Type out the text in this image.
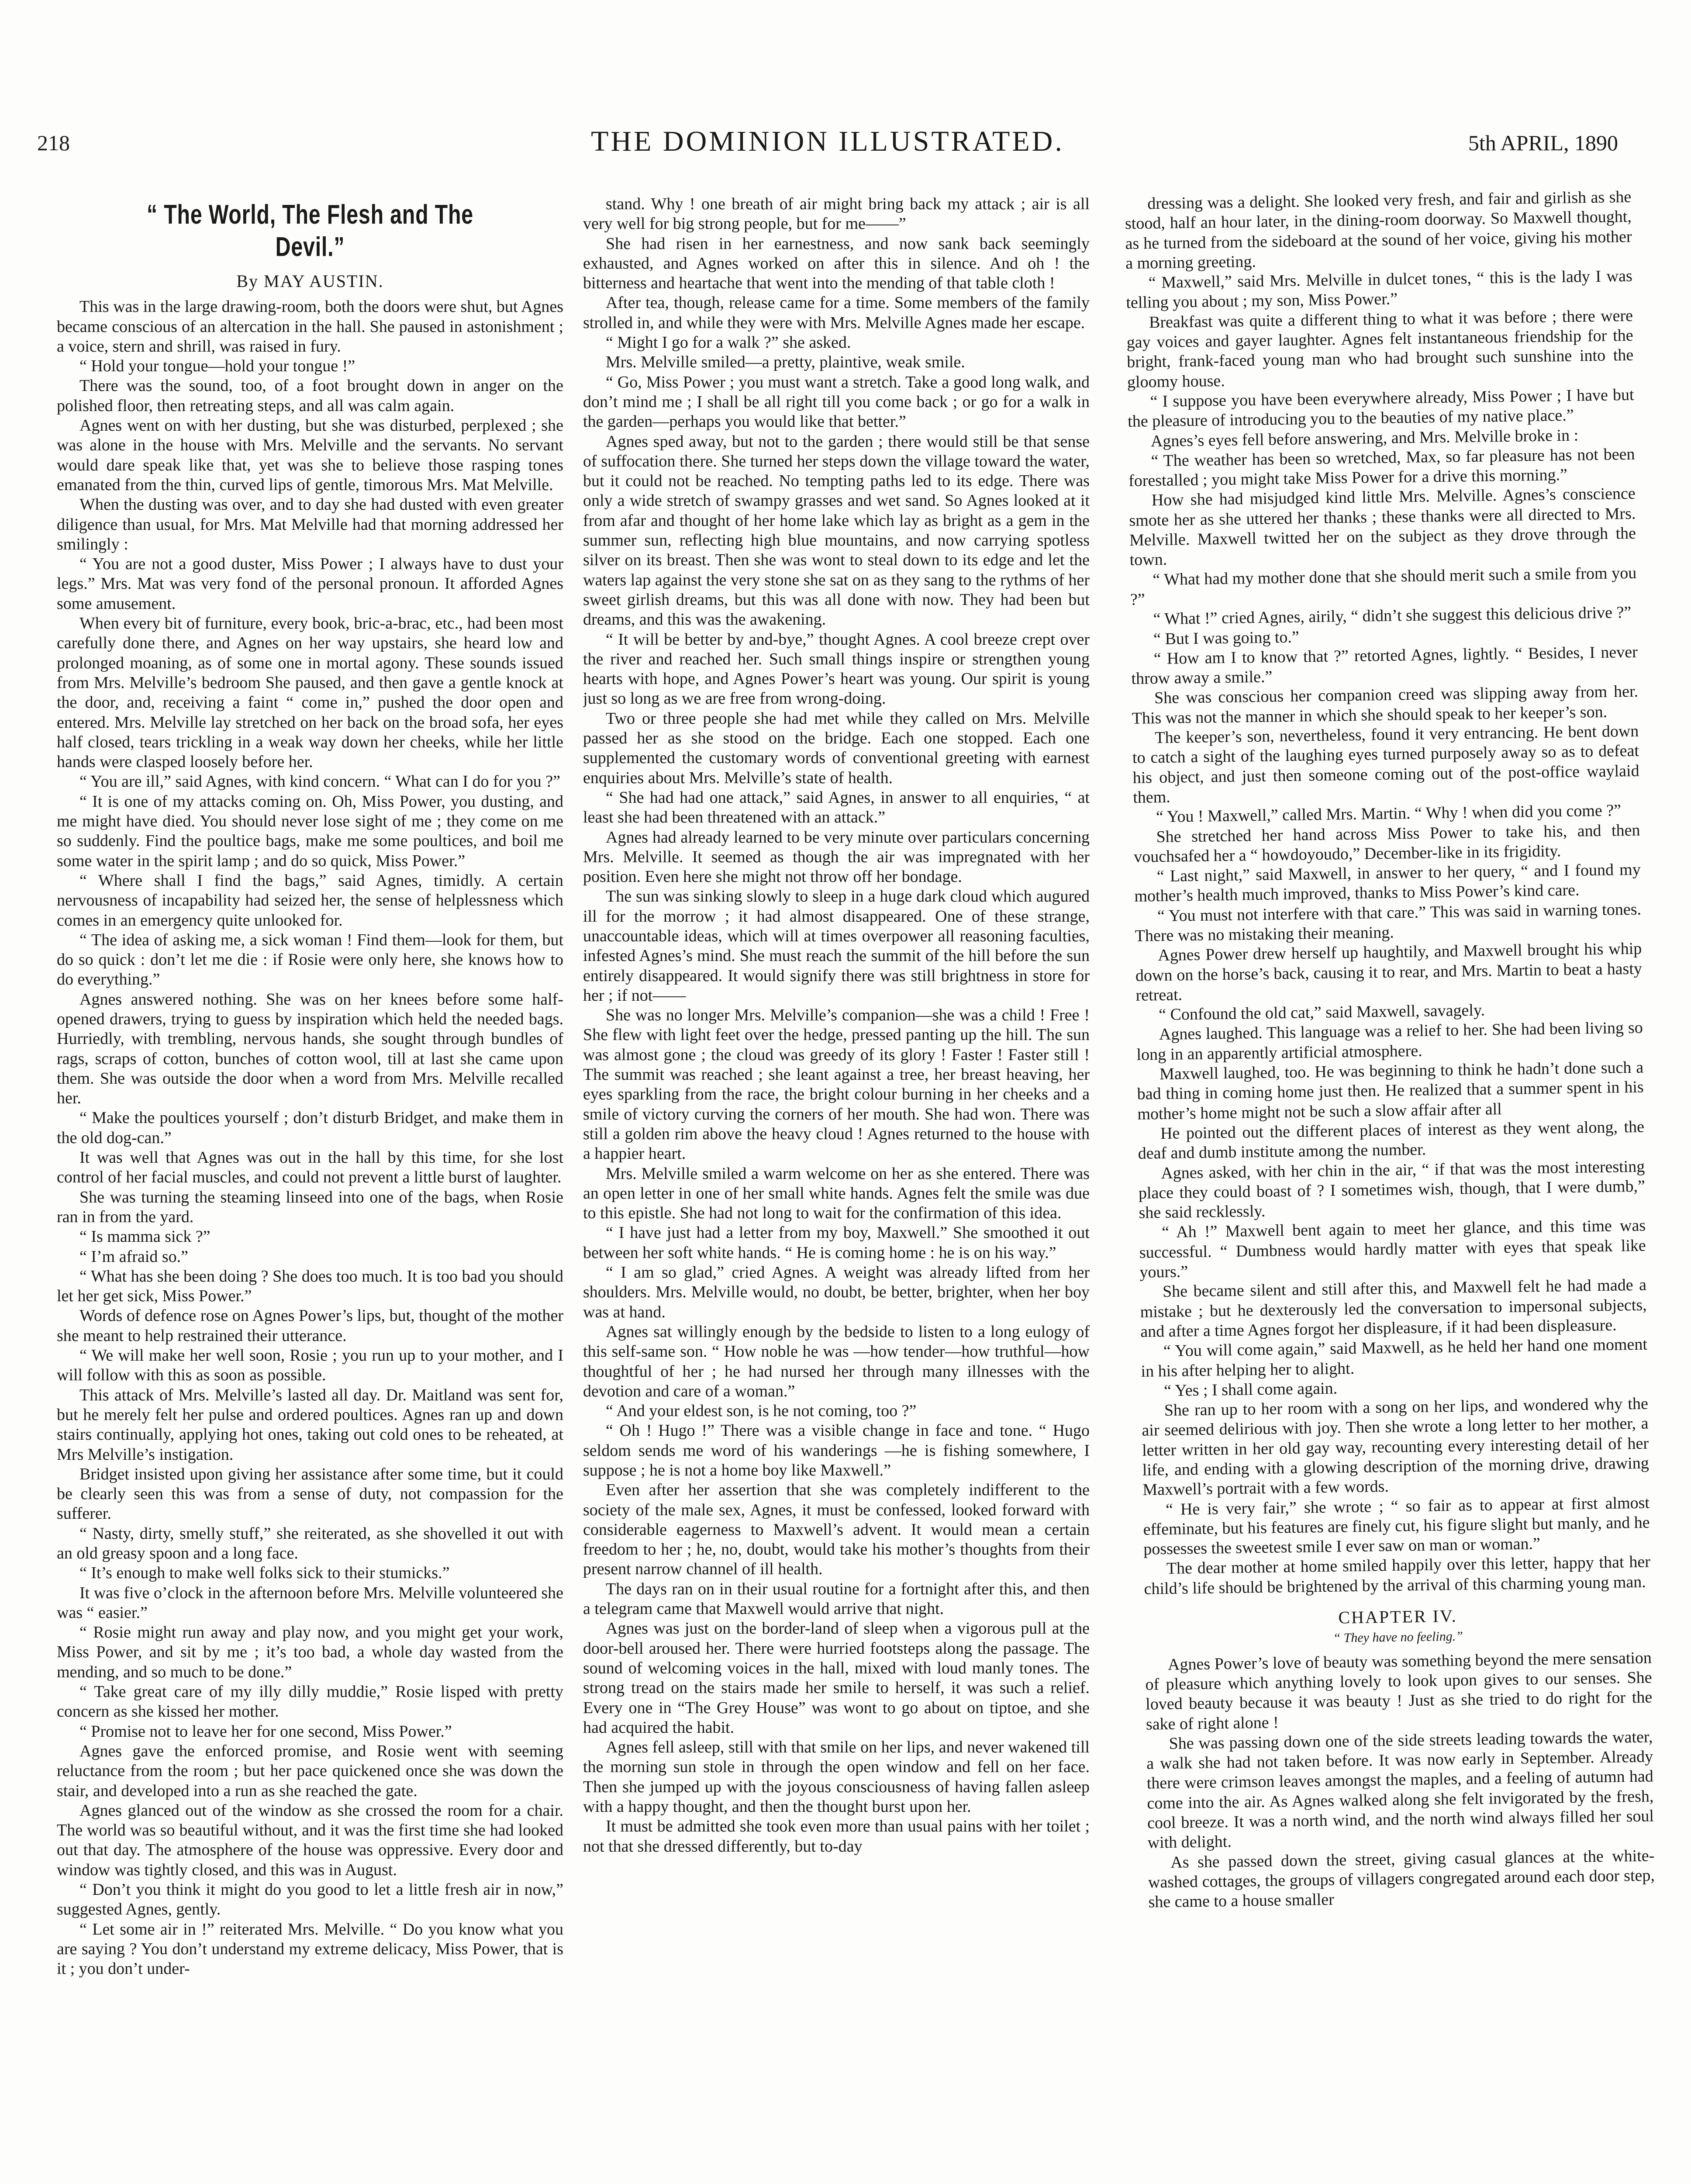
218	THE DOMINION ILLUSTRATED.	5th APRIL, 1890
“ The World, The Flesh and The Devil.”
By MAY AUSTIN.

This was in the large drawing-room, both the doors were shut, but Agnes became conscious of an altercation in the hall. She paused in astonishment ; a voice, stern and shrill, was raised in fury.

“ Hold your tongue—hold your tongue !”

There was the sound, too, of a foot brought down in anger on the polished floor, then retreating steps, and all was calm again.

Agnes went on with her dusting, but she was disturbed, perplexed ; she was alone in the house with Mrs. Melville and the servants. No servant would dare speak like that, yet was she to believe those rasping tones emanated from the thin, curved lips of gentle, timorous Mrs. Mat Melville.

When the dusting was over, and to day she had dusted with even greater diligence than usual, for Mrs. Mat Melville had that morning addressed her smilingly :

“ You are not a good duster, Miss Power ; I always have to dust your legs.” Mrs. Mat was very fond of the personal pronoun. It afforded Agnes some amusement.

When every bit of furniture, every book, bric-a-brac, etc., had been most carefully done there, and Agnes on her way upstairs, she heard low and prolonged moaning, as of some one in mortal agony. These sounds issued from Mrs. Melville’s bedroom She paused, and then gave a gentle knock at the door, and, receiving a faint “ come in,” pushed the door open and entered. Mrs. Melville lay stretched on her back on the broad sofa, her eyes half closed, tears trickling in a weak way down her cheeks, while her little hands were clasped loosely before her.

“ You are ill,” said Agnes, with kind concern. “ What can I do for you ?”

“ It is one of my attacks coming on. Oh, Miss Power, you dusting, and me might have died. You should never lose sight of me ; they come on me so suddenly. Find the poultice bags, make me some poultices, and boil me some water in the spirit lamp ; and do so quick, Miss Power.”

“ Where shall I find the bags,” said Agnes, timidly. A certain nervousness of incapability had seized her, the sense of helplessness which comes in an emergency quite unlooked for.

“ The idea of asking me, a sick woman ! Find them—look for them, but do so quick : don’t let me die : if Rosie were only here, she knows how to do everything.”

Agnes answered nothing. She was on her knees before some half-opened drawers, trying to guess by inspiration which held the needed bags. Hurriedly, with trembling, nervous hands, she sought through bundles of rags, scraps of cotton, bunches of cotton wool, till at last she came upon them. She was outside the door when a word from Mrs. Melville recalled her.

“ Make the poultices yourself ; don’t disturb Bridget, and make them in the old dog-can.”

It was well that Agnes was out in the hall by this time, for she lost control of her facial muscles, and could not prevent a little burst of laughter.

She was turning the steaming linseed into one of the bags, when Rosie ran in from the yard.

“ Is mamma sick ?”

“ I’m afraid so.”

“ What has she been doing ? She does too much. It is too bad you should let her get sick, Miss Power.”

Words of defence rose on Agnes Power’s lips, but, thought of the mother she meant to help restrained their utterance.

“ We will make her well soon, Rosie ; you run up to your mother, and I will follow with this as soon as possible.

This attack of Mrs. Melville’s lasted all day. Dr. Maitland was sent for, but he merely felt her pulse and ordered poultices. Agnes ran up and down stairs continually, applying hot ones, taking out cold ones to be reheated, at Mrs Melville’s instigation.

Bridget insisted upon giving her assistance after some time, but it could be clearly seen this was from a sense of duty, not compassion for the sufferer.

“ Nasty, dirty, smelly stuff,” she reiterated, as she shovelled it out with an old greasy spoon and a long face.

“ It’s enough to make well folks sick to their stumicks.”

It was five o’clock in the afternoon before Mrs. Melville volunteered she was “ easier.”

“ Rosie might run away and play now, and you might get your work, Miss Power, and sit by me ; it’s too bad, a whole day wasted from the mending, and so much to be done.”

“ Take great care of my illy dilly muddie,” Rosie lisped with pretty concern as she kissed her mother.

“ Promise not to leave her for one second, Miss Power.”

Agnes gave the enforced promise, and Rosie went with seeming reluctance from the room ; but her pace quickened once she was down the stair, and developed into a run as she reached the gate.

Agnes glanced out of the window as she crossed the room for a chair. The world was so beautiful without, and it was the first time she had looked out that day. The atmosphere of the house was oppressive. Every door and window was tightly closed, and this was in August.

“ Don’t you think it might do you good to let a little fresh air in now,” suggested Agnes, gently.

“ Let some air in !” reiterated Mrs. Melville. “ Do you know what you are saying ? You don’t understand my extreme delicacy, Miss Power, that is it ; you don’t under-

stand. Why ! one breath of air might bring back my attack ; air is all very well for big strong people, but for me——”

She had risen in her earnestness, and now sank back seemingly exhausted, and Agnes worked on after this in silence. And oh ! the bitterness and heartache that went into the mending of that table cloth !

After tea, though, release came for a time. Some members of the family strolled in, and while they were with Mrs. Melville Agnes made her escape.

“ Might I go for a walk ?” she asked.

Mrs. Melville smiled—a pretty, plaintive, weak smile.

“ Go, Miss Power ; you must want a stretch. Take a good long walk, and don’t mind me ; I shall be all right till you come back ; or go for a walk in the garden—perhaps you would like that better.”

Agnes sped away, but not to the garden ; there would still be that sense of suffocation there. She turned her steps down the village toward the water, but it could not be reached. No tempting paths led to its edge. There was only a wide stretch of swampy grasses and wet sand. So Agnes looked at it from afar and thought of her home lake which lay as bright as a gem in the summer sun, reflecting high blue mountains, and now carrying spotless silver on its breast. Then she was wont to steal down to its edge and let the waters lap against the very stone she sat on as they sang to the rythms of her sweet girlish dreams, but this was all done with now. They had been but dreams, and this was the awakening.

“ It will be better by and-bye,” thought Agnes. A cool breeze crept over the river and reached her. Such small things inspire or strengthen young hearts with hope, and Agnes Power’s heart was young. Our spirit is young just so long as we are free from wrong-doing.

Two or three people she had met while they called on Mrs. Melville passed her as she stood on the bridge. Each one stopped. Each one supplemented the customary words of conventional greeting with earnest enquiries about Mrs. Melville’s state of health.

“ She had had one attack,” said Agnes, in answer to all enquiries, “ at least she had been threatened with an attack.”

Agnes had already learned to be very minute over particulars concerning Mrs. Melville. It seemed as though the air was impregnated with her position. Even here she might not throw off her bondage.

The sun was sinking slowly to sleep in a huge dark cloud which augured ill for the morrow ; it had almost disappeared. One of these strange, unaccountable ideas, which will at times overpower all reasoning faculties, infested Agnes’s mind. She must reach the summit of the hill before the sun entirely disappeared. It would signify there was still brightness in store for her ; if not——

She was no longer Mrs. Melville’s companion—she was a child ! Free ! She flew with light feet over the hedge, pressed panting up the hill. The sun was almost gone ; the cloud was greedy of its glory ! Faster ! Faster still ! The summit was reached ; she leant against a tree, her breast heaving, her eyes sparkling from the race, the bright colour burning in her cheeks and a smile of victory curving the corners of her mouth. She had won. There was still a golden rim above the heavy cloud ! Agnes returned to the house with a happier heart.

Mrs. Melville smiled a warm welcome on her as she entered. There was an open letter in one of her small white hands. Agnes felt the smile was due to this epistle. She had not long to wait for the confirmation of this idea.

“ I have just had a letter from my boy, Maxwell.” She smoothed it out between her soft white hands. “ He is coming home : he is on his way.”

“ I am so glad,” cried Agnes. A weight was already lifted from her shoulders. Mrs. Melville would, no doubt, be better, brighter, when her boy was at hand.

Agnes sat willingly enough by the bedside to listen to a long eulogy of this self-same son. “ How noble he was —how tender—how truthful—how thoughtful of her ; he had nursed her through many illnesses with the devotion and care of a woman.”

“ And your eldest son, is he not coming, too ?”

“ Oh ! Hugo !” There was a visible change in face and tone. “ Hugo seldom sends me word of his wanderings —he is fishing somewhere, I suppose ; he is not a home boy like Maxwell.”

Even after her assertion that she was completely indifferent to the society of the male sex, Agnes, it must be confessed, looked forward with considerable eagerness to Maxwell’s advent. It would mean a certain freedom to her ; he, no, doubt, would take his mother’s thoughts from their present narrow channel of ill health.

The days ran on in their usual routine for a fortnight after this, and then a telegram came that Maxwell would arrive that night.

Agnes was just on the border-land of sleep when a vigorous pull at the door-bell aroused her. There were hurried footsteps along the passage. The sound of welcoming voices in the hall, mixed with loud manly tones. The strong tread on the stairs made her smile to herself, it was such a relief. Every one in “The Grey House” was wont to go about on tiptoe, and she had acquired the habit.

Agnes fell asleep, still with that smile on her lips, and never wakened till the morning sun stole in through the open window and fell on her face. Then she jumped up with the joyous consciousness of having fallen asleep with a happy thought, and then the thought burst upon her.

It must be admitted she took even more than usual pains with her toilet ; not that she dressed differently, but to-day

dressing was a delight. She looked very fresh, and fair and girlish as she stood, half an hour later, in the dining-room doorway. So Maxwell thought, as he turned from the sideboard at the sound of her voice, giving his mother a morning greeting.

“ Maxwell,” said Mrs. Melville in dulcet tones, “ this is the lady I was telling you about ; my son, Miss Power.”

Breakfast was quite a different thing to what it was before ; there were gay voices and gayer laughter. Agnes felt instantaneous friendship for the bright, frank-faced young man who had brought such sunshine into the gloomy house.

“ I suppose you have been everywhere already, Miss Power ; I have but the pleasure of introducing you to the beauties of my native place.”

Agnes’s eyes fell before answering, and Mrs. Melville broke in :

“ The weather has been so wretched, Max, so far pleasure has not been forestalled ; you might take Miss Power for a drive this morning.”

How she had misjudged kind little Mrs. Melville. Agnes’s conscience smote her as she uttered her thanks ; these thanks were all directed to Mrs. Melville. Maxwell twitted her on the subject as they drove through the town.

“ What had my mother done that she should merit such a smile from you ?”

“ What !” cried Agnes, airily, “ didn’t she suggest this delicious drive ?”

“ But I was going to.”

“ How am I to know that ?” retorted Agnes, lightly. “ Besides, I never throw away a smile.”

She was conscious her companion creed was slipping away from her. This was not the manner in which she should speak to her keeper’s son.

The keeper’s son, nevertheless, found it very entrancing. He bent down to catch a sight of the laughing eyes turned purposely away so as to defeat his object, and just then someone coming out of the post-office waylaid them.

“ You ! Maxwell,” called Mrs. Martin. “ Why ! when did you come ?”

She stretched her hand across Miss Power to take his, and then vouchsafed her a “ howdoyoudo,” December-like in its frigidity.

“ Last night,” said Maxwell, in answer to her query, “ and I found my mother’s health much improved, thanks to Miss Power’s kind care.

“ You must not interfere with that care.” This was said in warning tones. There was no mistaking their meaning.

Agnes Power drew herself up haughtily, and Maxwell brought his whip down on the horse’s back, causing it to rear, and Mrs. Martin to beat a hasty retreat.

“ Confound the old cat,” said Maxwell, savagely.

Agnes laughed. This language was a relief to her. She had been living so long in an apparently artificial atmosphere.

Maxwell laughed, too. He was beginning to think he hadn’t done such a bad thing in coming home just then. He realized that a summer spent in his mother’s home might not be such a slow affair after all

He pointed out the different places of interest as they went along, the deaf and dumb institute among the number.

Agnes asked, with her chin in the air, “ if that was the most interesting place they could boast of ? I sometimes wish, though, that I were dumb,” she said recklessly.

“ Ah !” Maxwell bent again to meet her glance, and this time was successful. “ Dumbness would hardly matter with eyes that speak like yours.”

She became silent and still after this, and Maxwell felt he had made a mistake ; but he dexterously led the conversation to impersonal subjects, and after a time Agnes forgot her displeasure, if it had been displeasure.

“ You will come again,” said Maxwell, as he held her hand one moment in his after helping her to alight.

“ Yes ; I shall come again.

She ran up to her room with a song on her lips, and wondered why the air seemed delirious with joy. Then she wrote a long letter to her mother, a letter written in her old gay way, recounting every interesting detail of her life, and ending with a glowing description of the morning drive, drawing Maxwell’s portrait with a few words.

“ He is very fair,” she wrote ; “ so fair as to appear at first almost effeminate, but his features are finely cut, his figure slight but manly, and he possesses the sweetest smile I ever saw on man or woman.”

The dear mother at home smiled happily over this letter, happy that her child’s life should be brightened by the arrival of this charming young man.

CHAPTER IV.
“ They have no feeling.”

Agnes Power’s love of beauty was something beyond the mere sensation of pleasure which anything lovely to look upon gives to our senses. She loved beauty because it was beauty ! Just as she tried to do right for the sake of right alone !

She was passing down one of the side streets leading towards the water, a walk she had not taken before. It was now early in September. Already there were crimson leaves amongst the maples, and a feeling of autumn had come into the air. As Agnes walked along she felt invigorated by the fresh, cool breeze. It was a north wind, and the north wind always filled her soul with delight.

As she passed down the street, giving casual glances at the white-washed cottages, the groups of villagers congregated around each door step, she came to a house smaller
